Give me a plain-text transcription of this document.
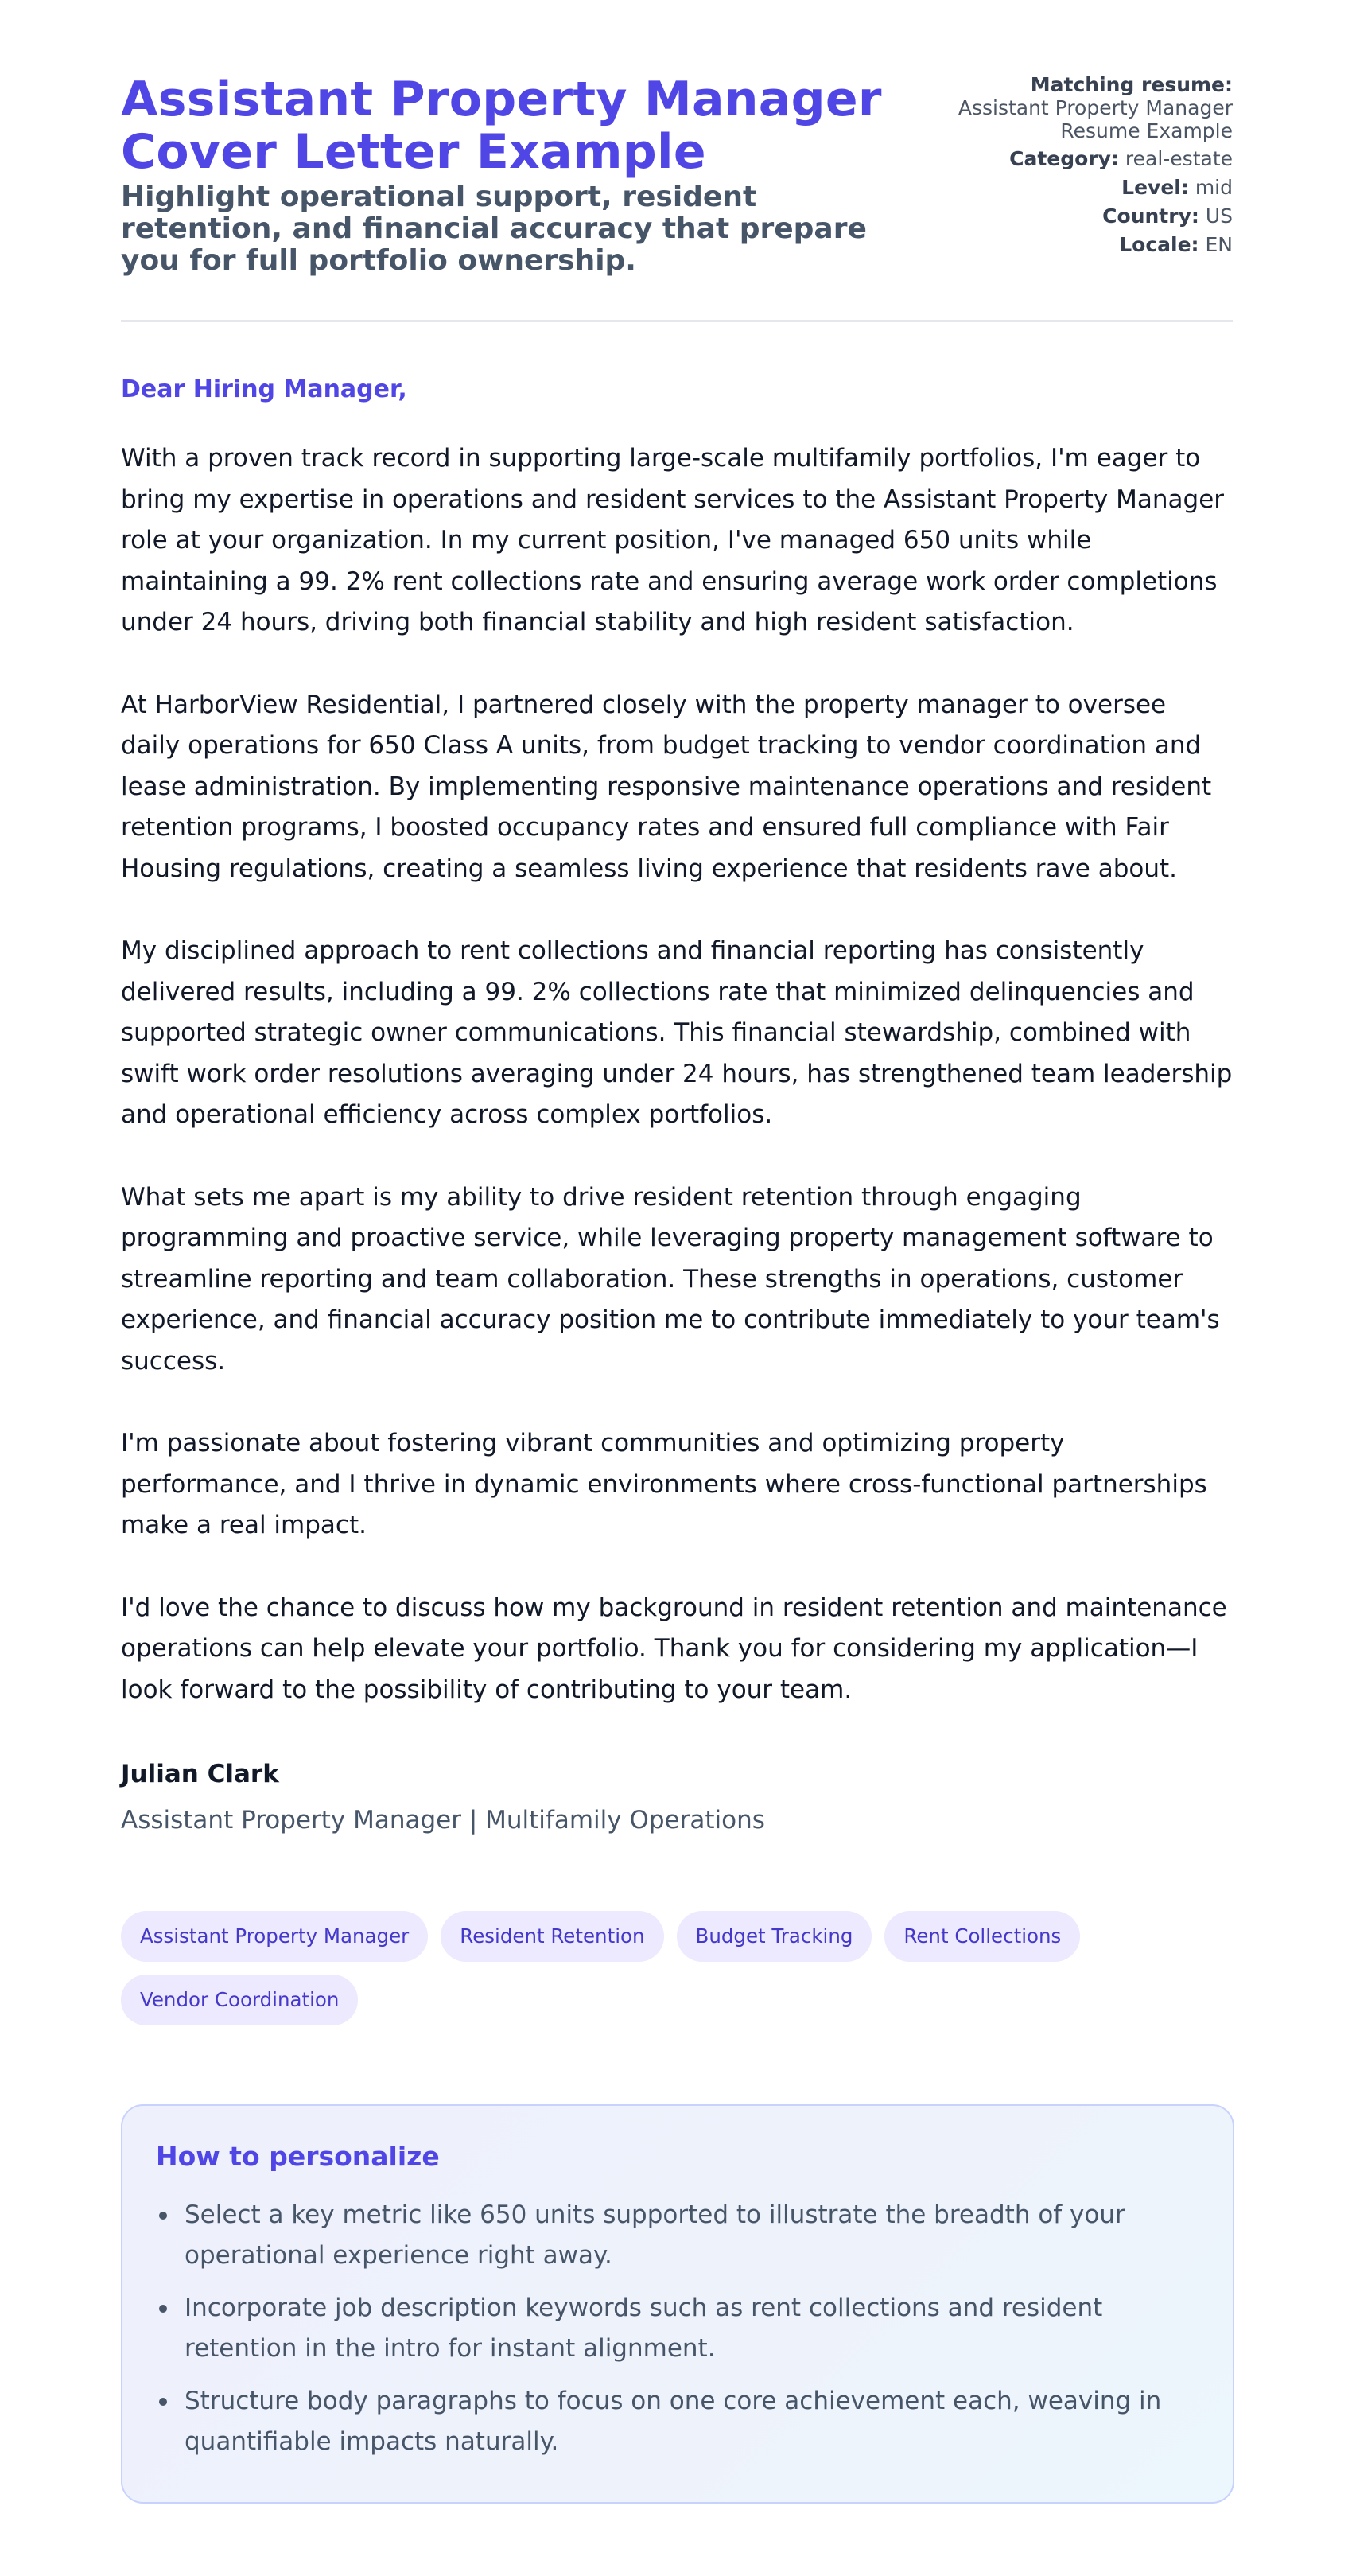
Assistant Property Manager Cover Letter Example
Highlight operational support, resident retention, and financial accuracy that prepare you for full portfolio ownership.
Matching resume:
Assistant Property Manager Resume Example
Category: real-estate
Level: mid
Country: US
Locale: EN

Dear Hiring Manager,

With a proven track record in supporting large-scale multifamily portfolios, I'm eager to bring my expertise in operations and resident services to the Assistant Property Manager role at your organization. In my current position, I've managed 650 units while maintaining a 99. 2% rent collections rate and ensuring average work order completions under 24 hours, driving both financial stability and high resident satisfaction.

At HarborView Residential, I partnered closely with the property manager to oversee daily operations for 650 Class A units, from budget tracking to vendor coordination and lease administration. By implementing responsive maintenance operations and resident retention programs, I boosted occupancy rates and ensured full compliance with Fair Housing regulations, creating a seamless living experience that residents rave about.

My disciplined approach to rent collections and financial reporting has consistently delivered results, including a 99. 2% collections rate that minimized delinquencies and supported strategic owner communications. This financial stewardship, combined with swift work order resolutions averaging under 24 hours, has strengthened team leadership and operational efficiency across complex portfolios.

What sets me apart is my ability to drive resident retention through engaging programming and proactive service, while leveraging property management software to streamline reporting and team collaboration. These strengths in operations, customer experience, and financial accuracy position me to contribute immediately to your team's success.

I'm passionate about fostering vibrant communities and optimizing property performance, and I thrive in dynamic environments where cross-functional partnerships make a real impact.

I'd love the chance to discuss how my background in resident retention and maintenance operations can help elevate your portfolio. Thank you for considering my application—I look forward to the possibility of contributing to your team.

Julian Clark

Assistant Property Manager | Multifamily Operations

Assistant Property Manager	Resident Retention	Budget Tracking	Rent Collections
Vendor Coordination
How to personalize
Select a key metric like 650 units supported to illustrate the breadth of your operational experience right away.
Incorporate job description keywords such as rent collections and resident retention in the intro for instant alignment.
Structure body paragraphs to focus on one core achievement each, weaving in quantifiable impacts naturally.
